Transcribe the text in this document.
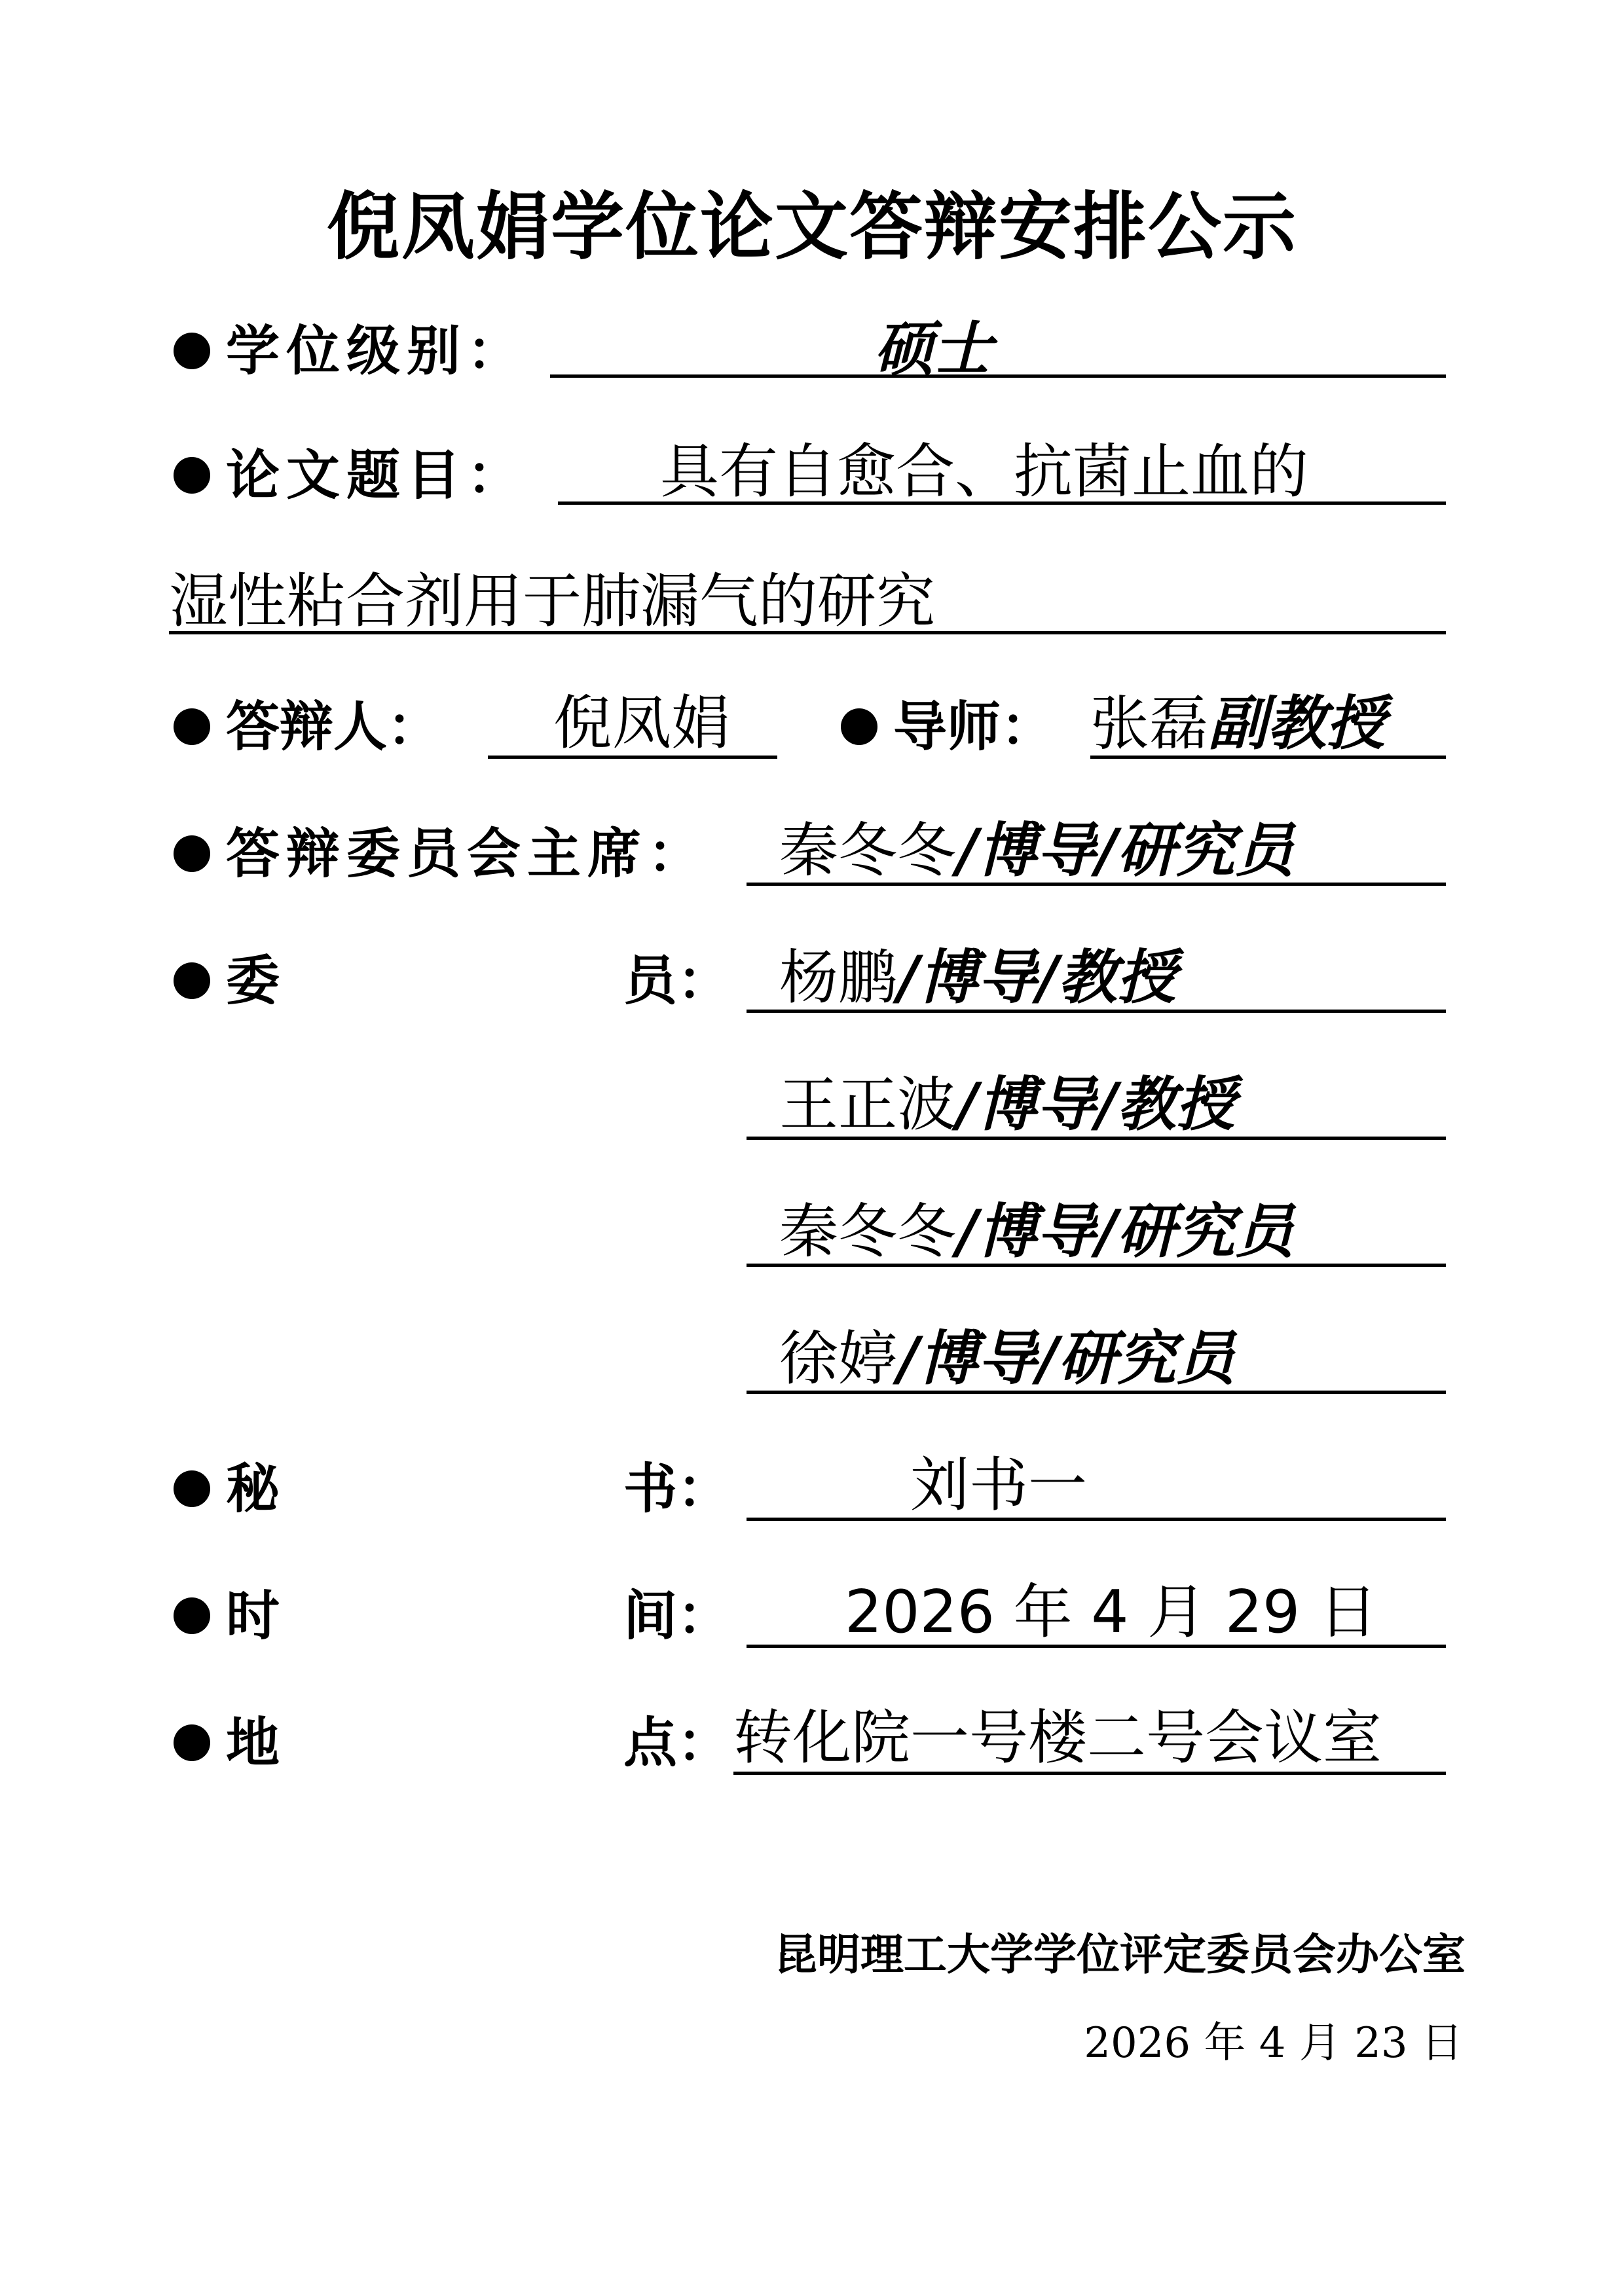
倪凤娟学位论文答辩安排公示
学位级别：	硕士
论文题目： 具有自愈合、抗菌止血的
湿性粘合剂用于肺漏气的研究
答辩人： 倪凤娟	导师： 张磊副教授
答辩委员会主席： 秦冬冬/博导/研究员
委	员： 杨鹏/博导/教授
王正波/博导/教授
秦冬冬/博导/研究员
徐婷/博导/研究员
秘	书：	刘书一
时	间： 2026 年 4 月 29 日
地	点： 转化院一号楼二号会议室
昆明理工大学学位评定委员会办公室
2026 年 4 月 23 日
